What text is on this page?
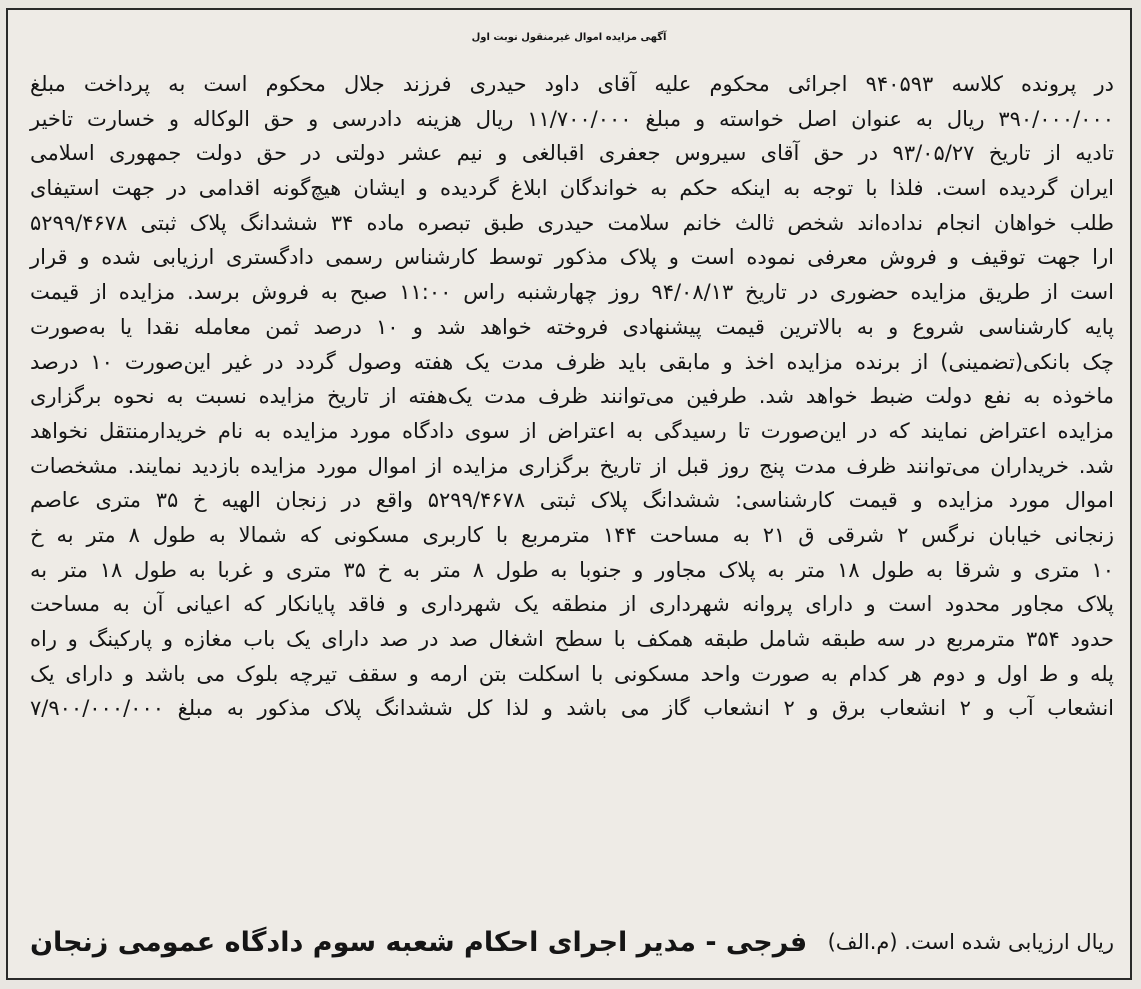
آگهی مزایده اموال غیرمنقول نوبت اول
در پرونده کلاسه ۹۴۰۵۹۳ اجرائی محکوم علیه آقای داود حیدری فرزند جلال محکوم است به پرداخت مبلغ
۳۹۰/۰۰۰/۰۰۰ ریال به عنوان اصل خواسته و مبلغ ۱۱/۷۰۰/۰۰۰ ریال هزینه دادرسی و حق الوکاله و خسارت تاخیر
تادیه از تاریخ ۹۳/۰۵/۲۷ در حق آقای سیروس جعفری اقبالغی و نیم عشر دولتی در حق دولت جمهوری اسلامی
ایران گردیده است. فلذا با توجه به اینکه حکم به خواندگان ابلاغ گردیده و ایشان هیچ‌گونه اقدامی در جهت استیفای
طلب خواهان انجام نداده‌اند شخص ثالث خانم سلامت حیدری طبق تبصره ماده ۳۴ ششدانگ پلاک ثبتی ۵۲۹۹/۴۶۷۸
ارا جهت توقیف و فروش معرفی نموده است و پلاک مذکور توسط کارشناس رسمی دادگستری ارزیابی شده و قرار
است از طریق مزایده حضوری در تاریخ ۹۴/۰۸/۱۳ روز چهارشنبه راس ۱۱:۰۰ صبح به فروش برسد. مزایده از قیمت
پایه کارشناسی شروع و به بالاترین قیمت پیشنهادی فروخته خواهد شد و ۱۰ درصد ثمن معامله نقدا یا به‌صورت
چک بانکی(تضمینی) از برنده مزایده اخذ و مابقی باید ظرف مدت یک هفته وصول گردد در غیر این‌صورت ۱۰ درصد
ماخوذه به نفع دولت ضبط خواهد شد. طرفین می‌توانند ظرف مدت یک‌هفته از تاریخ مزایده نسبت به نحوه برگزاری
مزایده اعتراض نمایند که در این‌صورت تا رسیدگی به اعتراض از سوی دادگاه مورد مزایده به نام خریدارمنتقل نخواهد
شد. خریداران می‌توانند ظرف مدت پنج روز قبل از تاریخ برگزاری مزایده از اموال مورد مزایده بازدید نمایند. مشخصات
اموال مورد مزایده و قیمت کارشناسی: ششدانگ پلاک ثبتی ۵۲۹۹/۴۶۷۸ واقع در زنجان الهیه خ ۳۵ متری عاصم
زنجانی خیابان نرگس ۲ شرقی ق ۲۱ به مساحت ۱۴۴ مترمربع با کاربری مسکونی که شمالا به طول ۸ متر به خ
۱۰ متری و شرقا به طول ۱۸ متر به پلاک مجاور و جنوبا به طول ۸ متر به خ ۳۵ متری و غربا به طول ۱۸ متر به
پلاک مجاور محدود است و دارای پروانه شهرداری از منطقه یک شهرداری و فاقد پایانکار که اعیانی آن به مساحت
حدود ۳۵۴ مترمربع در سه طبقه شامل طبقه همکف با سطح اشغال صد در صد دارای یک باب مغازه و پارکینگ و راه
پله و ط اول و دوم هر کدام به صورت واحد مسکونی با اسکلت بتن ارمه و سقف تیرچه بلوک می باشد و دارای یک
انشعاب آب و ۲ انشعاب برق و ۲ انشعاب گاز می باشد و لذا کل ششدانگ پلاک مذکور به مبلغ ۷/۹۰۰/۰۰۰/۰۰۰
ریال ارزیابی شده است. (م.الف)
فرجی - مدیر اجرای احکام شعبه سوم دادگاه عمومی زنجان
